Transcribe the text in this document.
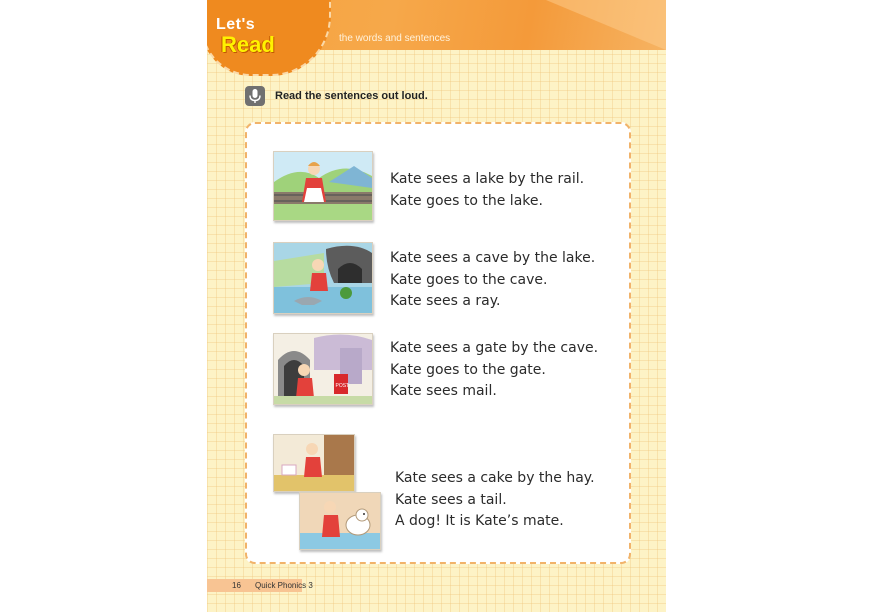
the words and sentences
Let's
Read
Read the sentences out loud.
Kate sees a lake by the rail.
Kate goes to the lake.
Kate sees a cave by the lake.
Kate goes to the cave.
Kate sees a ray.
POST
Kate sees a gate by the cave.
Kate goes to the gate.
Kate sees mail.
Kate sees a cake by the hay.
Kate sees a tail.
A dog! It is Kate’s mate.
16 Quick Phonics 3
